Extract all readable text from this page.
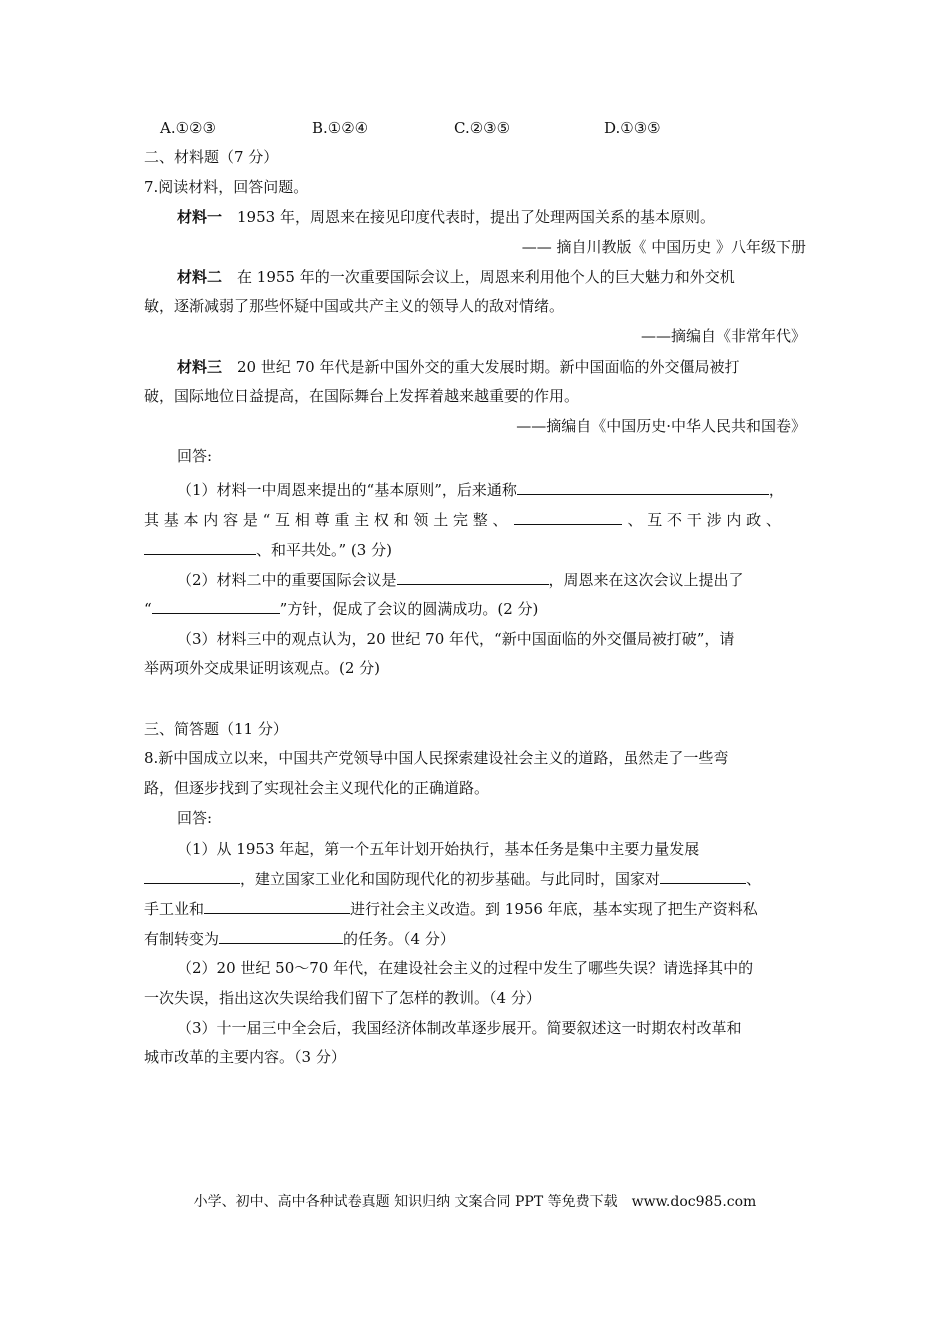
A.①②③	B.①②④	C.②③⑤	D.①③⑤
二、材料题（7 分）
7.阅读材料，回答问题。
材料一　1953 年，周恩来在接见印度代表时，提出了处理两国关系的基本原则。
—— 摘自川教版《 中国历史 》八年级下册
材料二　在 1955 年的一次重要国际会议上，周恩来利用他个人的巨大魅力和外交机
敏，逐渐减弱了那些怀疑中国或共产主义的领导人的敌对情绪。
——摘编自《非常年代》
材料三　20 世纪 70 年代是新中国外交的重大发展时期。新中国面临的外交僵局被打
破，国际地位日益提高，在国际舞台上发挥着越来越重要的作用。
——摘编自《中国历史·中华人民共和国卷》
回答:
（1）材料一中周恩来提出的“基本原则”，后来通称	，
其 基 本 内 容 是 “ 互 相 尊 重 主 权 和 领 土 完 整 、	、 互 不 干 涉 内 政 、
、和平共处。” (3 分)
（2）材料二中的重要国际会议是	，周恩来在这次会议上提出了
“	”方针，促成了会议的圆满成功。(2 分)
（3）材料三中的观点认为，20 世纪 70 年代，“新中国面临的外交僵局被打破”，请
举两项外交成果证明该观点。(2 分)
三、简答题（11 分）
8.新中国成立以来，中国共产党领导中国人民探索建设社会主义的道路，虽然走了一些弯
路，但逐步找到了实现社会主义现代化的正确道路。
回答:
（1）从 1953 年起，第一个五年计划开始执行，基本任务是集中主要力量发展
，建立国家工业化和国防现代化的初步基础。与此同时，国家对	、
手工业和	进行社会主义改造。到 1956 年底，基本实现了把生产资料私
有制转变为	的任务。（4 分）
（2）20 世纪 50～70 年代，在建设社会主义的过程中发生了哪些失误？请选择其中的
一次失误，指出这次失误给我们留下了怎样的教训。（4 分）
（3）十一届三中全会后，我国经济体制改革逐步展开。简要叙述这一时期农村改革和
城市改革的主要内容。（3 分）
小学、初中、高中各种试卷真题 知识归纳 文案合同 PPT 等免费下载　www.doc985.com
